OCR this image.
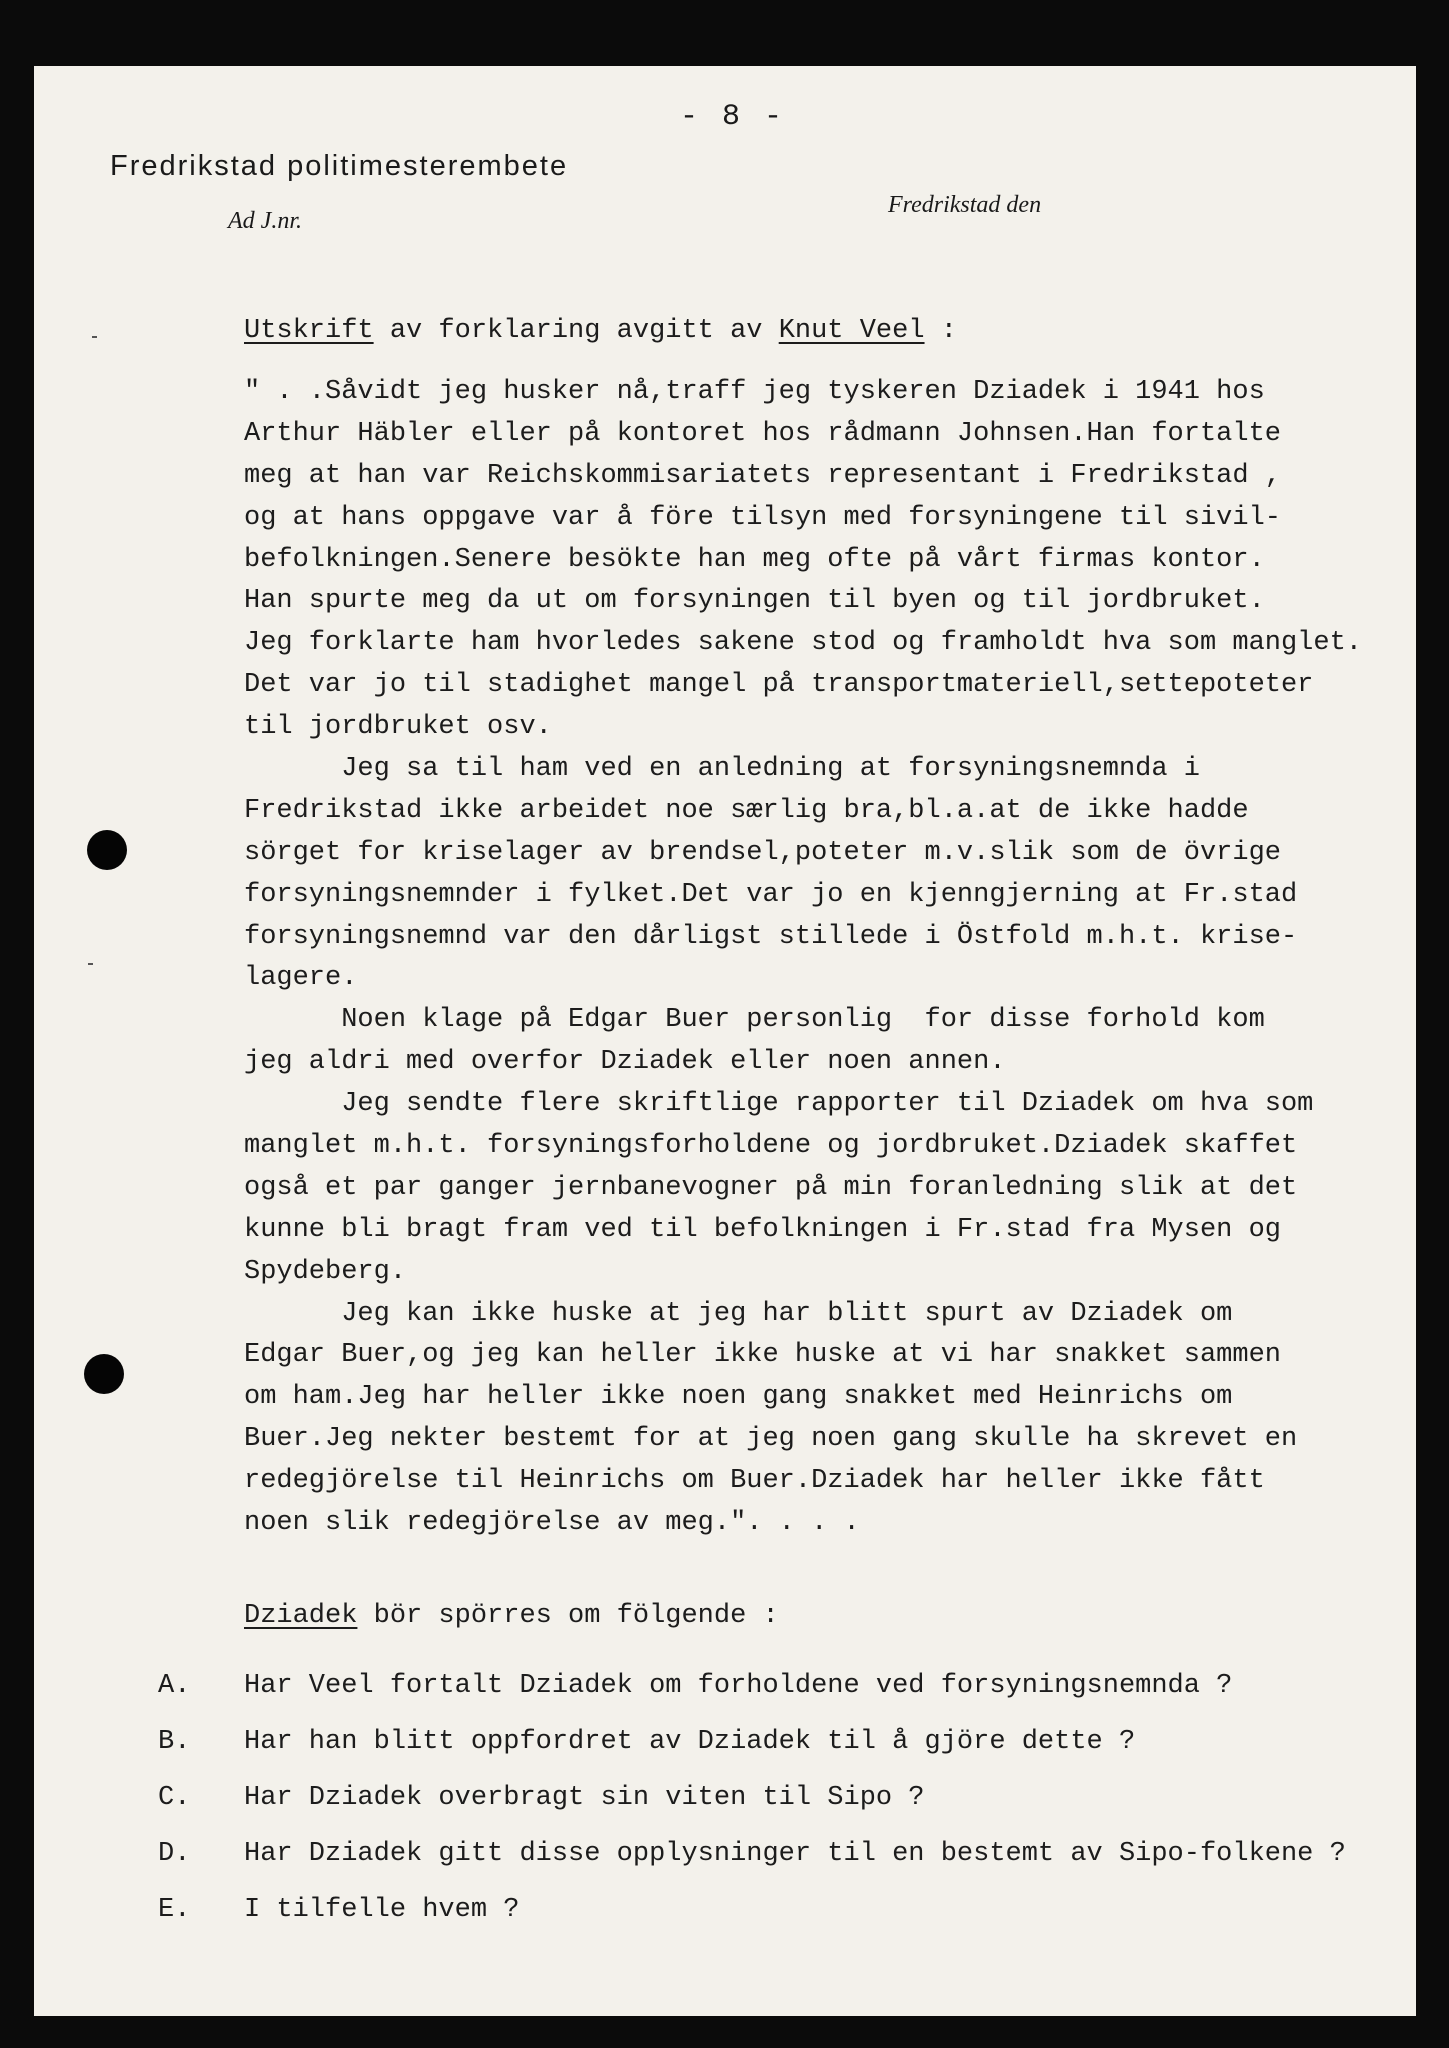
- 8 -
Fredrikstad politimesterembete
Ad J.nr.
Fredrikstad den
Utskrift av forklaring avgitt av Knut Veel :
" . .Såvidt jeg husker nå,traff jeg tyskeren Dziadek i 1941 hos
Arthur Häbler eller på kontoret hos rådmann Johnsen.Han fortalte
meg at han var Reichskommisariatets representant i Fredrikstad ,
og at hans oppgave var å före tilsyn med forsyningene til sivil-
befolkningen.Senere besökte han meg ofte på vårt firmas kontor.
Han spurte meg da ut om forsyningen til byen og til jordbruket.
Jeg forklarte ham hvorledes sakene stod og framholdt hva som manglet.
Det var jo til stadighet mangel på transportmateriell,settepoteter
til jordbruket osv.
Jeg sa til ham ved en anledning at forsyningsnemnda i
Fredrikstad ikke arbeidet noe særlig bra,bl.a.at de ikke hadde
sörget for kriselager av brendsel,poteter m.v.slik som de övrige
forsyningsnemnder i fylket.Det var jo en kjenngjerning at Fr.stad
forsyningsnemnd var den dårligst stillede i Östfold m.h.t. krise-
lagere.
Noen klage på Edgar Buer personlig  for disse forhold kom
jeg aldri med overfor Dziadek eller noen annen.
Jeg sendte flere skriftlige rapporter til Dziadek om hva som
manglet m.h.t. forsyningsforholdene og jordbruket.Dziadek skaffet
også et par ganger jernbanevogner på min foranledning slik at det
kunne bli bragt fram ved til befolkningen i Fr.stad fra Mysen og
Spydeberg.
Jeg kan ikke huske at jeg har blitt spurt av Dziadek om
Edgar Buer,og jeg kan heller ikke huske at vi har snakket sammen
om ham.Jeg har heller ikke noen gang snakket med Heinrichs om
Buer.Jeg nekter bestemt for at jeg noen gang skulle ha skrevet en
redegjörelse til Heinrichs om Buer.Dziadek har heller ikke fått
noen slik redegjörelse av meg.". . . .
Dziadek bör spörres om fölgende :
A. Har Veel fortalt Dziadek om forholdene ved forsyningsnemnda ?
B. Har han blitt oppfordret av Dziadek til å gjöre dette ?
C. Har Dziadek overbragt sin viten til Sipo ?
D. Har Dziadek gitt disse opplysninger til en bestemt av Sipo-folkene ?
E. I tilfelle hvem ?
